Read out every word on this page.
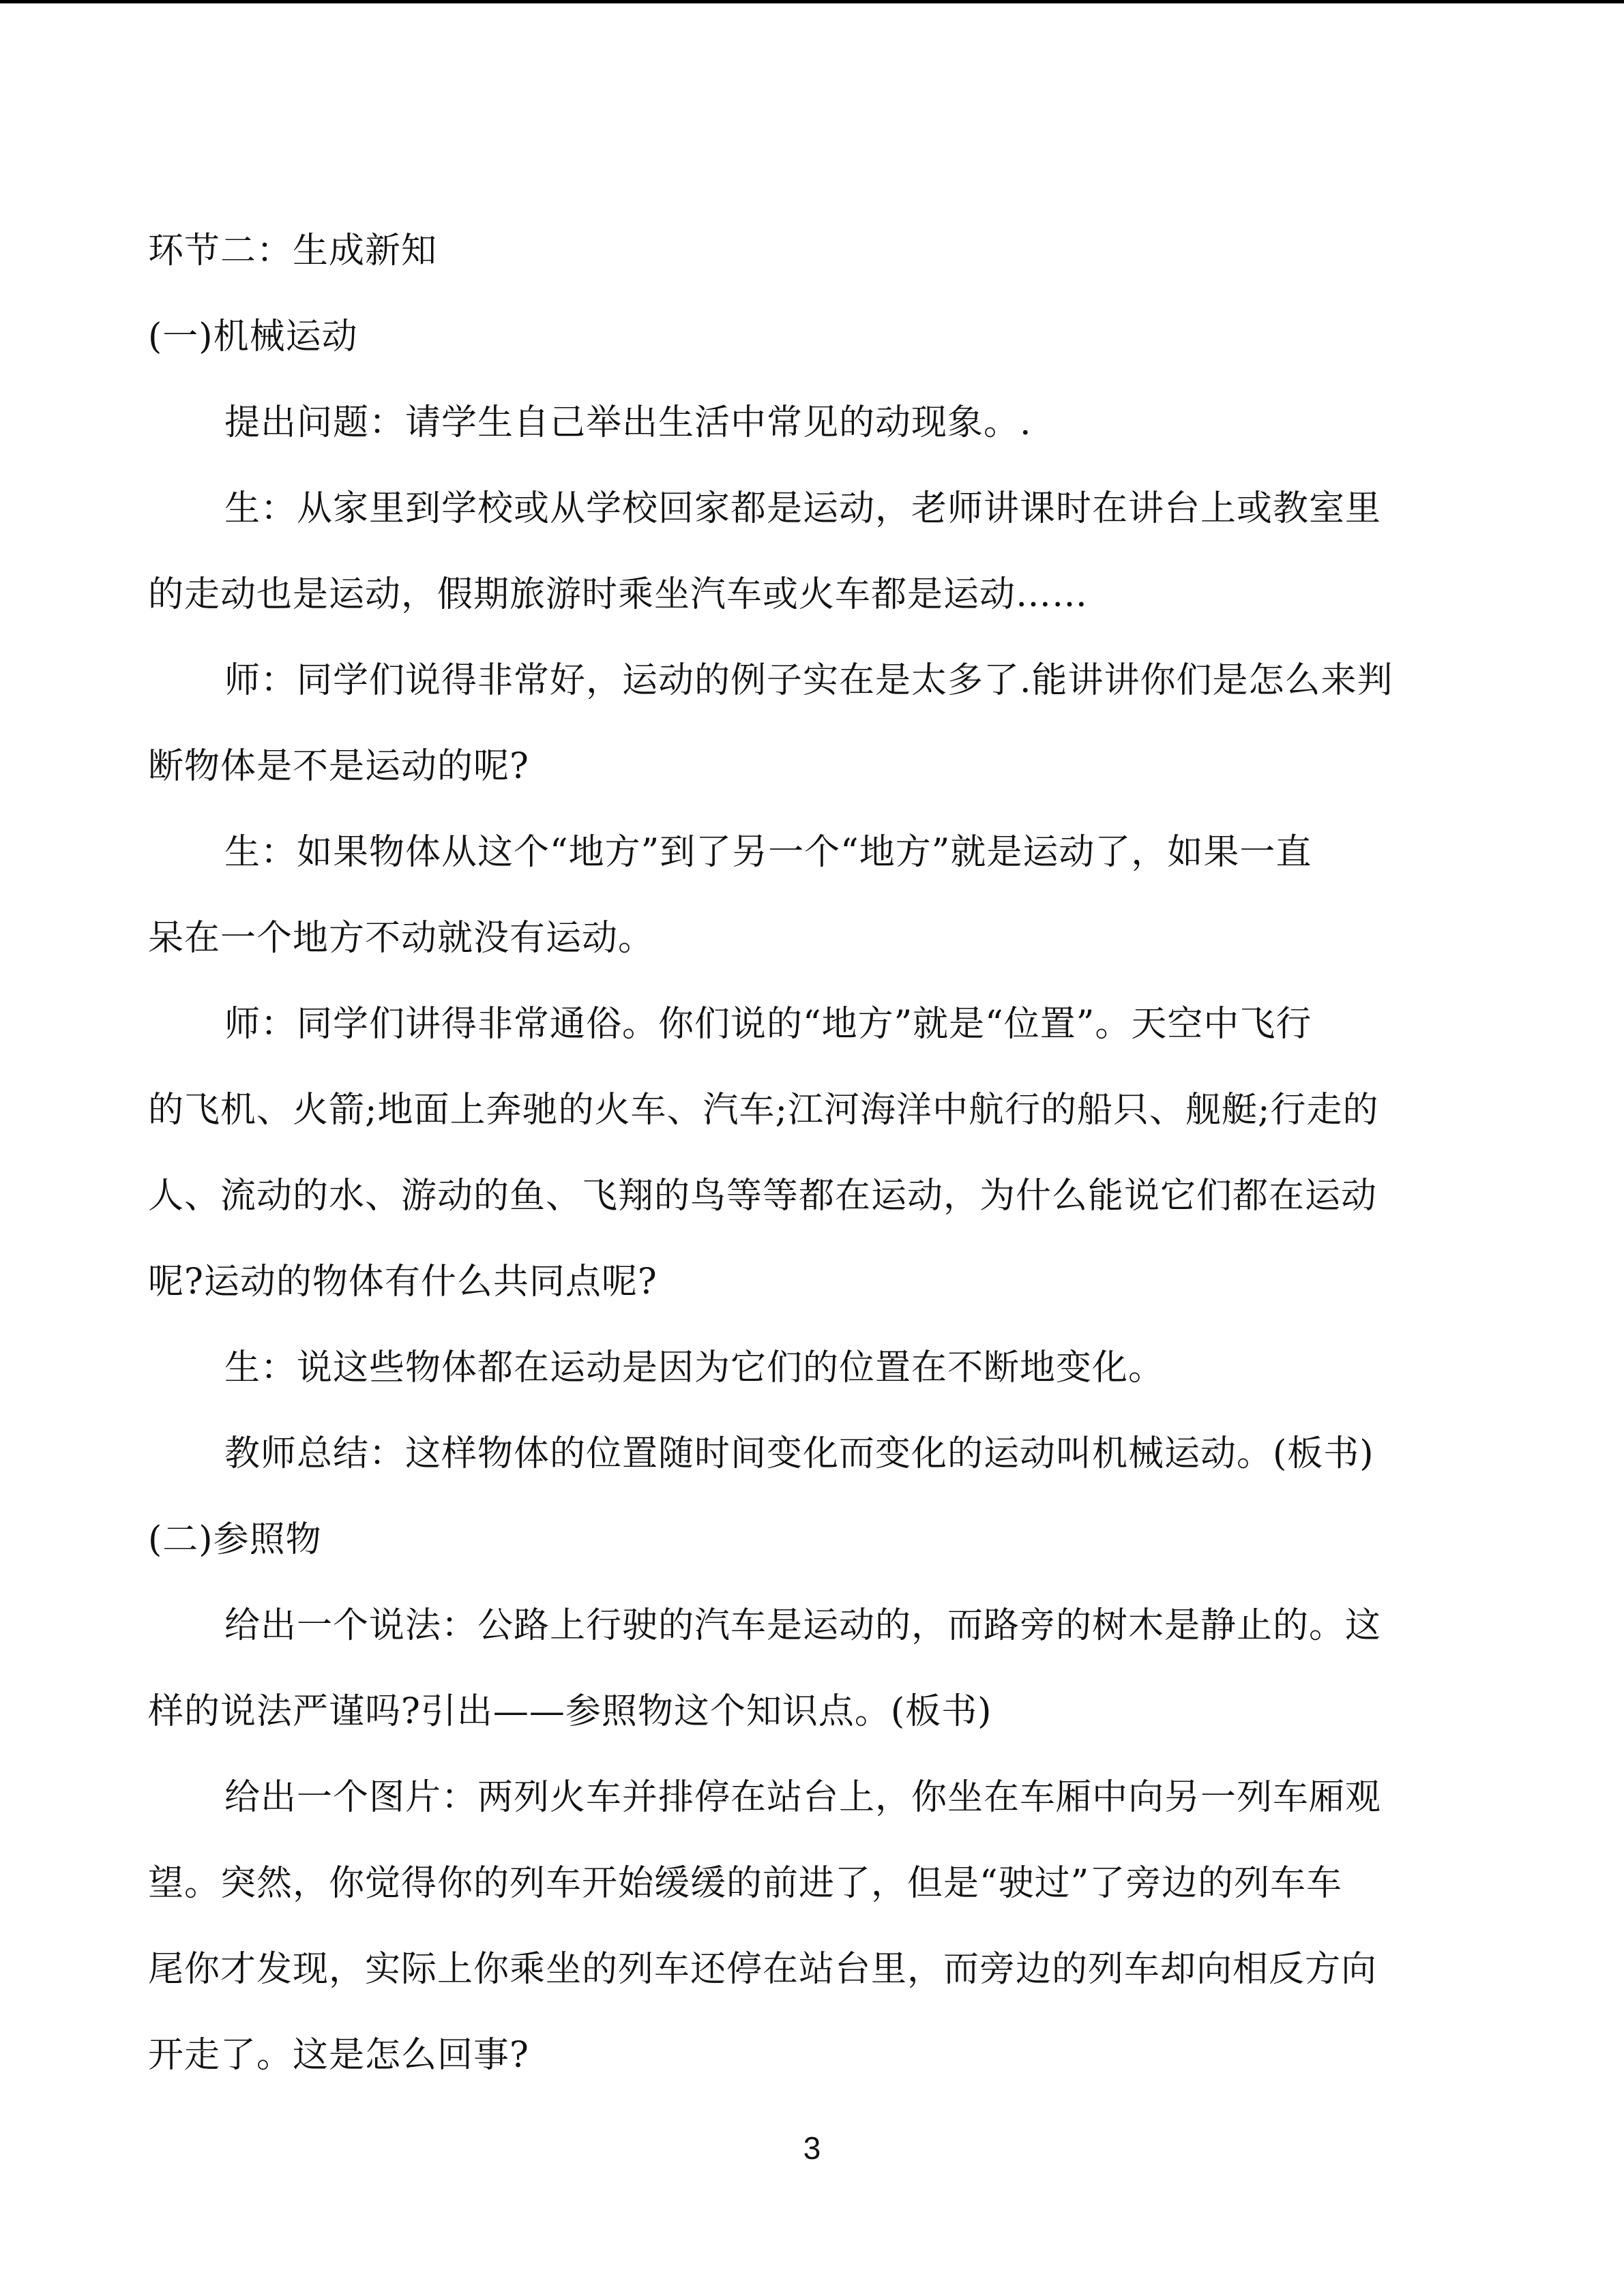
环节二：生成新知
(一)机械运动
提出问题：请学生自己举出生活中常见的动现象。.
生：从家里到学校或从学校回家都是运动，老师讲课时在讲台上或教室里
的走动也是运动，假期旅游时乘坐汽车或火车都是运动……
师：同学们说得非常好，运动的例子实在是太多了.能讲讲你们是怎么来判
断物体是不是运动的呢?
生：如果物体从这个“地方”到了另一个“地方”就是运动了，如果一直
呆在一个地方不动就没有运动。
师：同学们讲得非常通俗。你们说的“地方”就是“位置”。天空中飞行
的飞机、火箭;地面上奔驰的火车、汽车;江河海洋中航行的船只、舰艇;行走的
人、流动的水、游动的鱼、飞翔的鸟等等都在运动，为什么能说它们都在运动
呢?运动的物体有什么共同点呢?
生：说这些物体都在运动是因为它们的位置在不断地变化。
教师总结：这样物体的位置随时间变化而变化的运动叫机械运动。(板书)
(二)参照物
给出一个说法：公路上行驶的汽车是运动的，而路旁的树木是静止的。这
样的说法严谨吗?引出——参照物这个知识点。(板书)
给出一个图片：两列火车并排停在站台上，你坐在车厢中向另一列车厢观
望。突然，你觉得你的列车开始缓缓的前进了，但是“驶过”了旁边的列车车
尾你才发现，实际上你乘坐的列车还停在站台里，而旁边的列车却向相反方向
开走了。这是怎么回事?
3
